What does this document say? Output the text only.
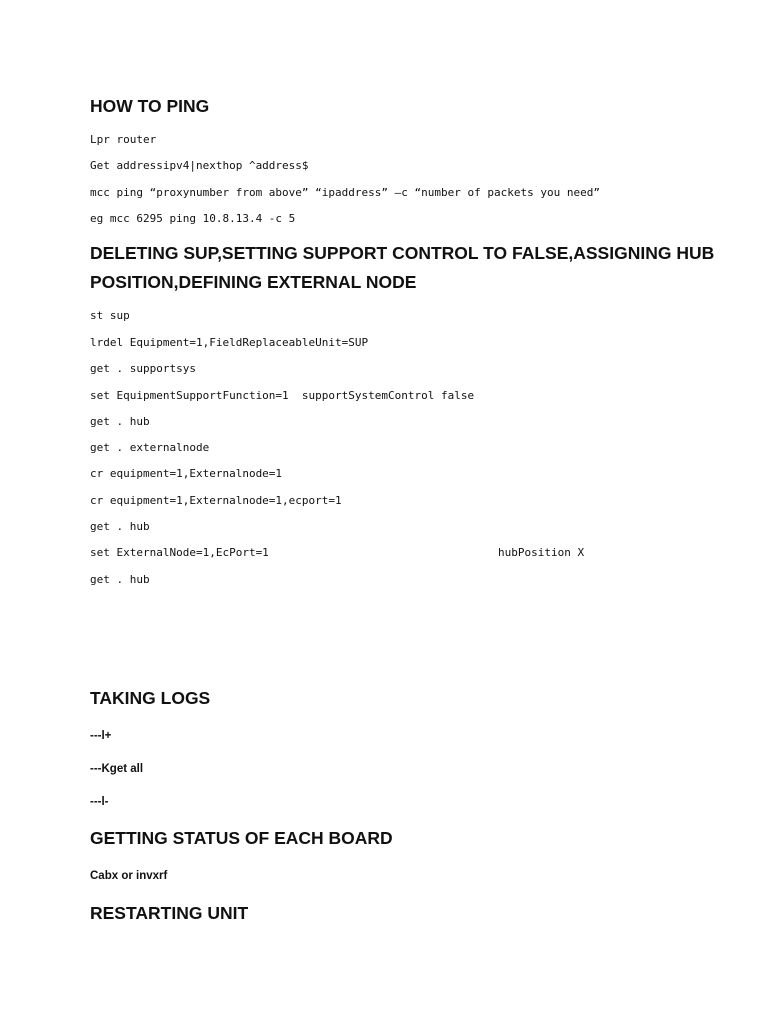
HOW TO PING
Lpr router
Get addressipv4|nexthop ^address$
mcc ping “proxynumber from above” “ipaddress” –c “number of packets you need”
eg mcc 6295 ping 10.8.13.4 -c 5
DELETING SUP,SETTING SUPPORT CONTROL TO FALSE,ASSIGNING HUB
POSITION,DEFINING EXTERNAL NODE
st sup
lrdel Equipment=1,FieldReplaceableUnit=SUP
get . supportsys
set EquipmentSupportFunction=1  supportSystemControl false
get . hub
get . externalnode
cr equipment=1,Externalnode=1
cr equipment=1,Externalnode=1,ecport=1
get . hub
set ExternalNode=1,EcPort=1	hubPosition X
get . hub
TAKING LOGS
---l+
---Kget all
---l-
GETTING STATUS OF EACH BOARD
Cabx or invxrf
RESTARTING UNIT
